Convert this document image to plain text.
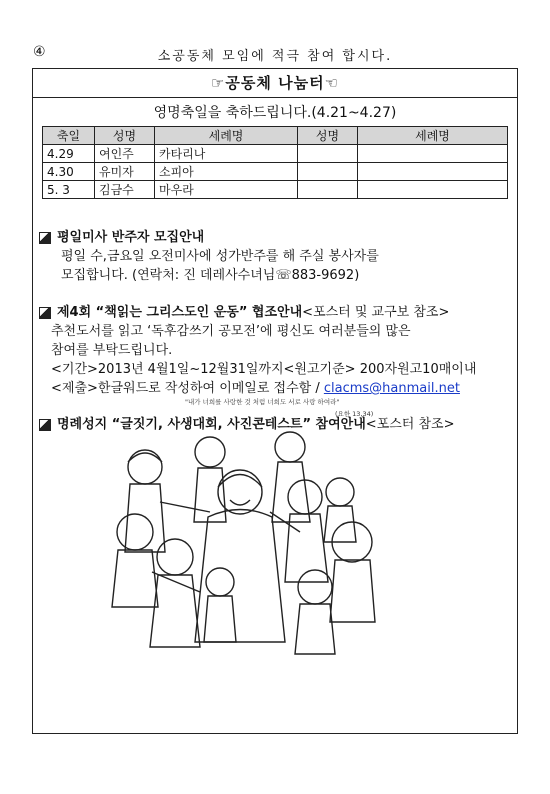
④	소공동체 모임에 적극 참여 합시다.
☞공동체 나눔터☜
영명축일을 축하드립니다.(4.21~4.27)
축일	성명	세례명	성명	세례명
4.29	여인주	카타리나		
4.30	유미자	소피아		
5. 3	김금수	마우라		
평일미사 반주자 모집안내
평일 수,금요일 오전미사에 성가반주를 해 주실 봉사자를
모집합니다. (연락처: 진 데레사수녀님☏883-9692)
제4회 “책읽는 그리스도인 운동” 협조안내 <포스터 및 교구보 참조>
추천도서를 읽고 ‘독후감쓰기 공모전’에 평신도 여러분들의 많은
참여를 부탁드립니다.
<기간>2013년 4월1일~12월31일까지<원고기준> 200자원고10매이내
<제출>한글워드로 작성하여 이메일로 접수함 / clacms@hanmail.net
명례성지 “글짓기, 사생대회, 사진콘테스트” 참여안내 <포스터 참조>
"내가 너희를 사랑한 것 처럼 너희도 서로 사랑 하여라"
(요한 13,34)
